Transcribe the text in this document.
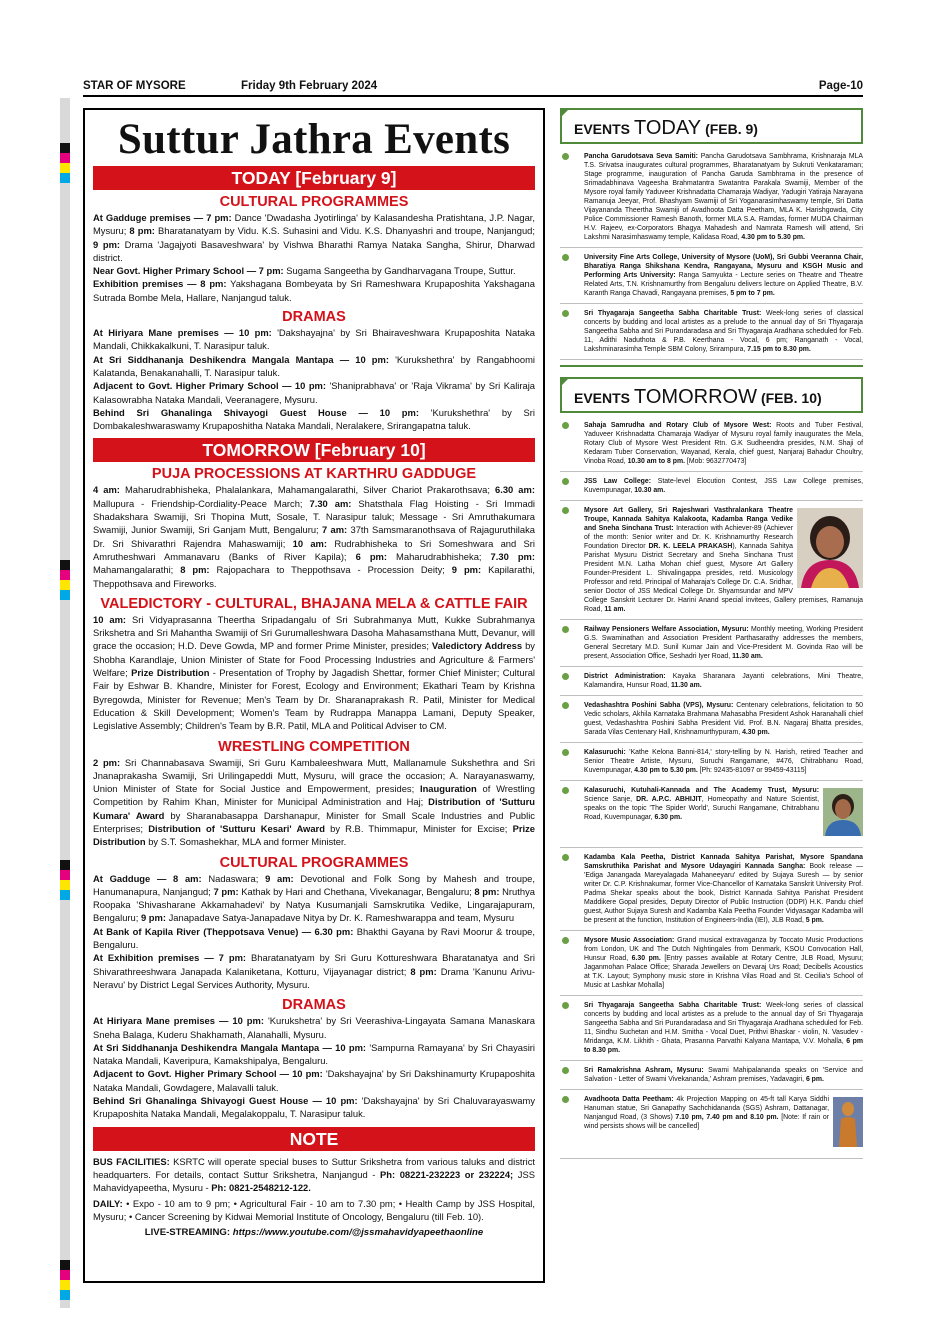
STAR OF MYSORE	Friday 9th February 2024	Page-10
Suttur Jathra Events
TODAY [February 9]
CULTURAL PROGRAMMES

At Gadduge premises — 7 pm: Dance 'Dwadasha Jyotirlinga' by Kalasandesha Pratishtana, J.P. Nagar, Mysuru; 8 pm: Bharatanatyam by Vidu. K.S. Suhasini and Vidu. K.S. Dhanyashri and troupe, Nanjangud; 9 pm: Drama 'Jagajyoti Basaveshwara' by Vishwa Bharathi Ramya Nataka Sangha, Shirur, Dharwad district.

Near Govt. Higher Primary School — 7 pm: Sugama Sangeetha by Gandharvagana Troupe, Suttur.

Exhibition premises — 8 pm: Yakshagana Bombeyata by Sri Rameshwara Krupaposhita Yakshagana Sutrada Bombe Mela, Hallare, Nanjangud taluk.

DRAMAS

At Hiriyara Mane premises — 10 pm: 'Dakshayajna' by Sri Bhairaveshwara Krupaposhita Nataka Mandali, Chikkakalkuni, T. Narasipur taluk.

At Sri Siddhananja Deshikendra Mangala Mantapa — 10 pm: 'Kurukshethra' by Rangabhoomi Kalatanda, Benakanahalli, T. Narasipur taluk.

Adjacent to Govt. Higher Primary School — 10 pm: 'Shaniprabhava' or 'Raja Vikrama' by Sri Kaliraja Kalasowrabha Nataka Mandali, Veeranagere, Mysuru.

Behind Sri Ghanalinga Shivayogi Guest House — 10 pm: 'Kurukshethra' by Sri Dombakaleshwaraswamy Krupaposhitha Nataka Mandali, Neralakere, Srirangapatna taluk.

TOMORROW [February 10]
PUJA PROCESSIONS AT KARTHRU GADDUGE

4 am: Maharudrabhisheka, Phalalankara, Mahamangalarathi, Silver Chariot Prakarothsava; 6.30 am: Mallupura - Friendship-Cordiality-Peace March; 7.30 am: Shatsthala Flag Hoisting - Sri Immadi Shadakshara Swamiji, Sri Thopina Mutt, Sosale, T. Narasipur taluk; Message - Sri Amruthakumara Swamiji, Junior Swamiji, Sri Ganjam Mutt, Bengaluru; 7 am: 37th Samsmaranothsava of Rajaguruthilaka Dr. Sri Shivarathri Rajendra Mahaswamiji; 10 am: Rudrabhisheka to Sri Someshwara and Sri Amrutheshwari Ammanavaru (Banks of River Kapila); 6 pm: Maharudrabhisheka; 7.30 pm: Mahamangalarathi; 8 pm: Rajopachara to Theppothsava - Procession Deity; 9 pm: Kapilarathi, Theppothsava and Fireworks.

VALEDICTORY - CULTURAL, BHAJANA MELA & CATTLE FAIR

10 am: Sri Vidyaprasanna Theertha Sripadangalu of Sri Subrahmanya Mutt, Kukke Subrahmanya Srikshetra and Sri Mahantha Swamiji of Sri Gurumalleshwara Dasoha Mahasamsthana Mutt, Devanur, will grace the occasion; H.D. Deve Gowda, MP and former Prime Minister, presides; Valedictory Address by Shobha Karandlaje, Union Minister of State for Food Processing Industries and Agriculture & Farmers' Welfare; Prize Distribution - Presentation of Trophy by Jagadish Shettar, former Chief Minister; Cultural Fair by Eshwar B. Khandre, Minister for Forest, Ecology and Environment; Ekathari Team by Krishna Byregowda, Minister for Revenue; Men's Team by Dr. Sharanaprakash R. Patil, Minister for Medical Education & Skill Development; Women's Team by Rudrappa Manappa Lamani, Deputy Speaker, Legislative Assembly; Children's Team by B.R. Patil, MLA and Political Adviser to CM.

WRESTLING COMPETITION

2 pm: Sri Channabasava Swamiji, Sri Guru Kambaleeshwara Mutt, Mallanamule Sukshethra and Sri Jnanaprakasha Swamiji, Sri Urilingapeddi Mutt, Mysuru, will grace the occasion; A. Narayanaswamy, Union Minister of State for Social Justice and Empowerment, presides; Inauguration of Wrestling Competition by Rahim Khan, Minister for Municipal Administration and Haj; Distribution of 'Sutturu Kumara' Award by Sharanabasappa Darshanapur, Minister for Small Scale Industries and Public Enterprises; Distribution of 'Sutturu Kesari' Award by R.B. Thimmapur, Minister for Excise; Prize Distribution by S.T. Somashekhar, MLA and former Minister.

CULTURAL PROGRAMMES

At Gadduge — 8 am: Nadaswara; 9 am: Devotional and Folk Song by Mahesh and troupe, Hanumanapura, Nanjangud; 7 pm: Kathak by Hari and Chethana, Vivekanagar, Bengaluru; 8 pm: Nruthya Roopaka 'Shivasharane Akkamahadevi' by Natya Kusumanjali Samskrutika Vedike, Lingarajapuram, Bengaluru; 9 pm: Janapadave Satya-Janapadave Nitya by Dr. K. Rameshwarappa and team, Mysuru

At Bank of Kapila River (Theppotsava Venue) — 6.30 pm: Bhakthi Gayana by Ravi Moorur & troupe, Bengaluru.

At Exhibition premises — 7 pm: Bharatanatyam by Sri Guru Kottureshwara Bharatanatya and Sri Shivarathreeshwara Janapada Kalaniketana, Kotturu, Vijayanagar district; 8 pm: Drama 'Kanunu Arivu-Neravu' by District Legal Services Authority, Mysuru.

DRAMAS

At Hiriyara Mane premises — 10 pm: 'Kurukshetra' by Sri Veerashiva-Lingayata Samana Manaskara Sneha Balaga, Kuderu Shakhamath, Alanahalli, Mysuru.

At Sri Siddhananja Deshikendra Mangala Mantapa — 10 pm: 'Sampurna Ramayana' by Sri Chayasiri Nataka Mandali, Kaveripura, Kamakshipalya, Bengaluru.

Adjacent to Govt. Higher Primary School — 10 pm: 'Dakshayajna' by Sri Dakshinamurty Krupaposhita Nataka Mandali, Gowdagere, Malavalli taluk.

Behind Sri Ghanalinga Shivayogi Guest House — 10 pm: 'Dakshayajna' by Sri Chaluvarayaswamy Krupaposhita Nataka Mandali, Megalakoppalu, T. Narasipur taluk.

NOTE

BUS FACILITIES: KSRTC will operate special buses to Suttur Srikshetra from various taluks and district headquarters. For details, contact Suttur Srikshetra, Nanjangud - Ph: 08221-232223 or 232224; JSS Mahavidyapeetha, Mysuru - Ph: 0821-2548212-122.

DAILY: • Expo - 10 am to 9 pm; • Agricultural Fair - 10 am to 7.30 pm; • Health Camp by JSS Hospital, Mysuru; • Cancer Screening by Kidwai Memorial Institute of Oncology, Bengaluru (till Feb. 10).

LIVE-STREAMING: https://www.youtube.com/@jssmahavidyapeethaonline
EVENTS TODAY (FEB. 9)
Pancha Garudotsava Seva Samiti: Pancha Garudotsava Sambhrama, Krishnaraja MLA T.S. Srivatsa inaugurates cultural programmes, Bharatanatyam by Sukruti Venkataraman; Stage programme, inauguration of Pancha Garuda Sambhrama in the presence of Srimadabhinava Vageesha Brahmatantra Swatantra Parakala Swamiji, Member of the Mysore royal family Yaduveer Krishnadatta Chamaraja Wadiyar, Yadugiri Yatiraja Narayana Ramanuja Jeeyar, Prof. Bhashyam Swamiji of Sri Yoganarasimhaswamy temple, Sri Datta Vijayananda Theertha Swamiji of Avadhoota Datta Peetham, MLA K. Harishgowda, City Police Commissioner Ramesh Banoth, former MLA S.A. Ramdas, former MUDA Chairman H.V. Rajeev, ex-Corporators Bhagya Mahadesh and Namrata Ramesh will attend, Sri Lakshmi Narasimhaswamy temple, Kalidasa Road, 4.30 pm to 5.30 pm.
University Fine Arts College, University of Mysore (UoM), Sri Gubbi Veeranna Chair, Bharatiya Ranga Shikshana Kendra, Rangayana, Mysuru and KSGH Music and Performing Arts University: Ranga Samyukta - Lecture series on Theatre and Theatre Related Arts, T.N. Krishnamurthy from Bengaluru delivers lecture on Applied Theatre, B.V. Karanth Ranga Chavadi, Rangayana premises, 5 pm to 7 pm.
Sri Thyagaraja Sangeetha Sabha Charitable Trust: Week-long series of classical concerts by budding and local artistes as a prelude to the annual day of Sri Thyagaraja Sangeetha Sabha and Sri Purandaradasa and Sri Thyagaraja Aradhana scheduled for Feb. 11, Adithi Naduthota & P.B. Keerthana - Vocal, 6 pm; Ranganath - Vocal, Lakshminarasimha Temple SBM Colony, Srirampura, 7.15 pm to 8.30 pm.
EVENTS TOMORROW (FEB. 10)
Sahaja Samrudha and Rotary Club of Mysore West: Roots and Tuber Festival, Yaduveer Krishnadatta Chamaraja Wadiyar of Mysuru royal family inaugurates the Mela, Rotary Club of Mysore West President Rtn. G.K Sudheendra presides, N.M. Shaji of Kedaram Tuber Conservation, Wayanad, Kerala, chief guest, Nanjaraj Bahadur Choultry, Vinoba Road, 10.30 am to 8 pm. [Mob: 9632770473]
JSS Law College: State-level Elocution Contest, JSS Law College premises, Kuvempunagar, 10.30 am.
Mysore Art Gallery, Sri Rajeshwari Vasthralankara Theatre Troupe, Kannada Sahitya Kalakoota, Kadamba Ranga Vedike and Sneha Sinchana Trust: Interaction with Achiever-89 (Achiever of the month: Senior writer and Dr. K. Krishnamurthy Research Foundation Director DR. K. LEELA PRAKASH), Kannada Sahitya Parishat Mysuru District Secretary and Sneha Sinchana Trust President M.N. Latha Mohan chief guest, Mysore Art Gallery Founder-President L. Shivalingappa presides, retd. Musicology Professor and retd. Principal of Maharaja's College Dr. C.A. Sridhar, senior Doctor of JSS Medical College Dr. Shyamsundar and MPV College Sanskrit Lecturer Dr. Harini Anand special invitees, Gallery premises, Ramanuja Road, 11 am.
Railway Pensioners Welfare Association, Mysuru: Monthly meeting, Working President G.S. Swaminathan and Association President Parthasarathy addresses the members, General Secretary M.D. Sunil Kumar Jain and Vice-President M. Govinda Rao will be present, Association Office, Seshadri Iyer Road, 11.30 am.
District Administration: Kayaka Sharanara Jayanti celebrations, Mini Theatre, Kalamandira, Hunsur Road, 11.30 am.
Vedashashtra Poshini Sabha (VPS), Mysuru: Centenary celebrations, felicitation to 50 Vedic scholars, Akhila Karnataka Brahmana Mahasabha President Ashok Haranahalli chief guest, Vedashashtra Poshini Sabha President Vid. Prof. B.N. Nagaraj Bhatta presides, Sarada Vilas Centenary Hall, Krishnamurthypuram, 4.30 pm.
Kalasuruchi: 'Kathe Kelona Banni-814,' story-telling by N. Harish, retired Teacher and Senior Theatre Artiste, Mysuru, Suruchi Rangamane, #476, Chitrabhanu Road, Kuvempunagar, 4.30 pm to 5.30 pm. [Ph: 92435-81097 or 99459-43115]
Kalasuruchi, Kutuhali-Kannada and The Academy Trust, Mysuru: Science Sanje, DR. A.P.C. ABHIJIT, Homeopathy and Nature Scientist, speaks on the topic 'The Spider World', Suruchi Rangamane, Chitrabhanu Road, Kuvempunagar, 6.30 pm.
Kadamba Kala Peetha, District Kannada Sahitya Parishat, Mysore Spandana Samskruthika Parishat and Mysore Udayagiri Kannada Sangha: Book release — 'Ediga Janangada Mareyalagada Mahaneeyaru' edited by Sujaya Suresh — by senior writer Dr. C.P. Krishnakumar, former Vice-Chancellor of Karnataka Sanskrit University Prof. Padma Shekar speaks about the book, District Kannada Sahitya Parishat President Maddikere Gopal presides, Deputy Director of Public Instruction (DDPI) H.K. Pandu chief guest, Author Sujaya Suresh and Kadamba Kala Peetha Founder Vidyasagar Kadamba will be present at the function, Institution of Engineers-India (IEI), JLB Road, 5 pm.
Mysore Music Association: Grand musical extravaganza by Toccato Music Productions from London, UK and The Dutch Nightingales from Denmark, KSOU Convocation Hall, Hunsur Road, 6.30 pm. [Entry passes available at Rotary Centre, JLB Road, Mysuru; Jaganmohan Palace Office; Sharada Jewellers on Devaraj Urs Road; Decibells Acoustics at T.K. Layout; Symphony music store in Krishna Vilas Road and St. Cecilia's School of Music at Lashkar Mohalla]
Sri Thyagaraja Sangeetha Sabha Charitable Trust: Week-long series of classical concerts by budding and local artistes as a prelude to the annual day of Sri Thyagaraja Sangeetha Sabha and Sri Purandaradasa and Sri Thyagaraja Aradhana scheduled for Feb. 11, Sindhu Suchetan and H.M. Smitha - Vocal Duet, Prithvi Bhaskar - violin, N. Vasudev - Mridanga, K.M. Likhith - Ghata, Prasanna Parvathi Kalyana Mantapa, V.V. Mohalla, 6 pm to 8.30 pm.
Sri Ramakrishna Ashram, Mysuru: Swami Mahipalananda speaks on 'Service and Salvation - Letter of Swami Vivekananda,' Ashram premises, Yadavagiri, 6 pm.
Avadhoota Datta Peetham: 4k Projection Mapping on 45-ft tall Karya Siddhi Hanuman statue, Sri Ganapathy Sachchidananda (SGS) Ashram, Dattanagar, Nanjangud Road, (3 Shows) 7.10 pm, 7.40 pm and 8.10 pm. [Note: If rain or wind persists shows will be cancelled]
